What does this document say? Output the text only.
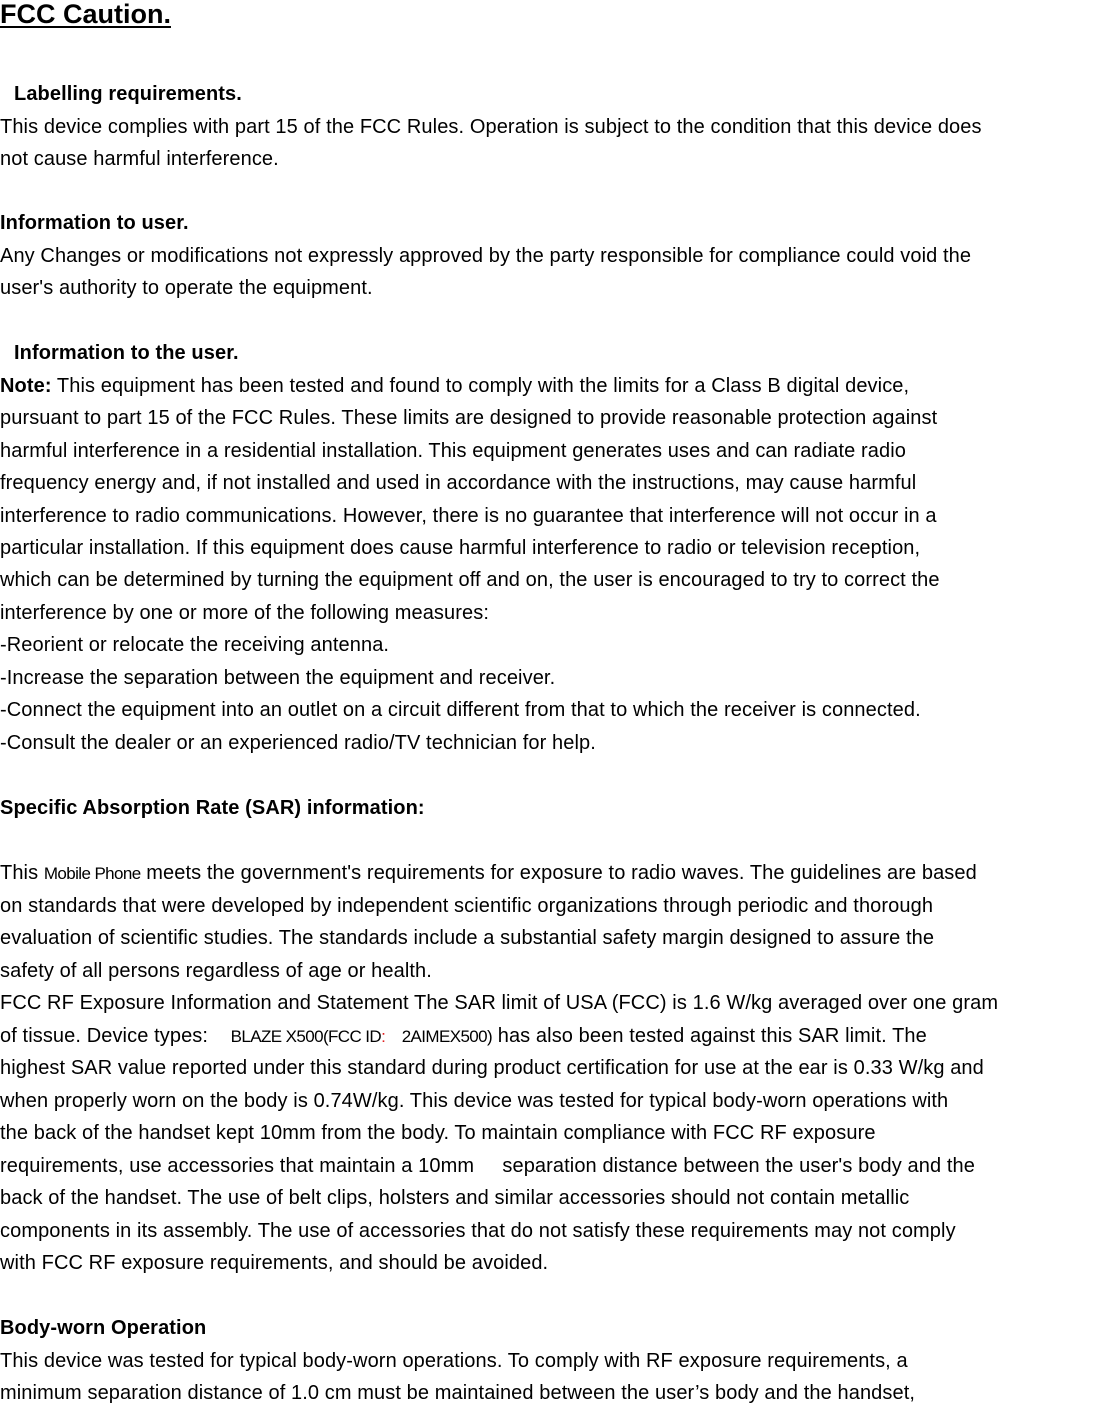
FCC Caution.
Labelling requirements.
This device complies with part 15 of the FCC Rules. Operation is subject to the condition that this device does
not cause harmful interference.
Information to user.
Any Changes or modifications not expressly approved by the party responsible for compliance could void the
user's authority to operate the equipment.
Information to the user.
Note: This equipment has been tested and found to comply with the limits for a Class B digital device,
pursuant to part 15 of the FCC Rules. These limits are designed to provide reasonable protection against
harmful interference in a residential installation. This equipment generates uses and can radiate radio
frequency energy and, if not installed and used in accordance with the instructions, may cause harmful
interference to radio communications. However, there is no guarantee that interference will not occur in a
particular installation. If this equipment does cause harmful interference to radio or television reception,
which can be determined by turning the equipment off and on, the user is encouraged to try to correct the
interference by one or more of the following measures:
-Reorient or relocate the receiving antenna.
-Increase the separation between the equipment and receiver.
-Connect the equipment into an outlet on a circuit different from that to which the receiver is connected.
-Consult the dealer or an experienced radio/TV technician for help.
Specific Absorption Rate (SAR) information:
This Mobile Phone meets the government's requirements for exposure to radio waves. The guidelines are based
on standards that were developed by independent scientific organizations through periodic and thorough
evaluation of scientific studies. The standards include a substantial safety margin designed to assure the
safety of all persons regardless of age or health.
FCC RF Exposure Information and Statement The SAR limit of USA (FCC) is 1.6 W/kg averaged over one gram
of tissue. Device types:    BLAZE X500(FCC ID:    2AIMEX500) has also been tested against this SAR limit. The
highest SAR value reported under this standard during product certification for use at the ear is 0.33 W/kg and
when properly worn on the body is 0.74W/kg. This device was tested for typical body-worn operations with
the back of the handset kept 10mm from the body. To maintain compliance with FCC RF exposure
requirements, use accessories that maintain a 10mm     separation distance between the user's body and the
back of the handset. The use of belt clips, holsters and similar accessories should not contain metallic
components in its assembly. The use of accessories that do not satisfy these requirements may not comply
with FCC RF exposure requirements, and should be avoided.
Body-worn Operation
This device was tested for typical body-worn operations. To comply with RF exposure requirements, a
minimum separation distance of 1.0 cm must be maintained between the user’s body and the handset,
